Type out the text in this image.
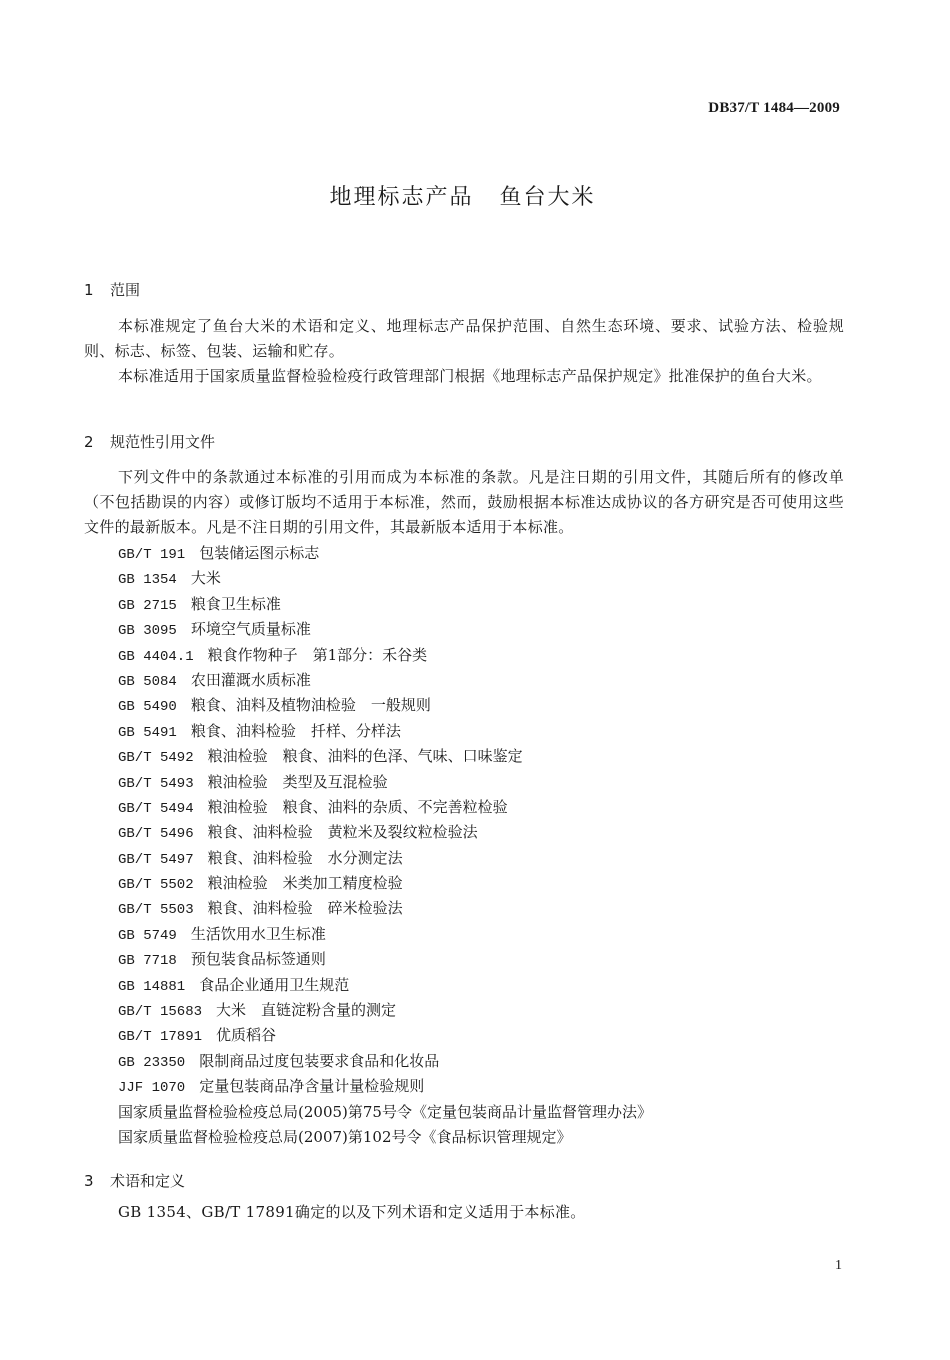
DB37/T 1484—2009
地理标志产品 鱼台大米
1 范围

本标准规定了鱼台大米的术语和定义、地理标志产品保护范围、自然生态环境、要求、试验方法、检验规则、标志、标签、包装、运输和贮存。

本标准适用于国家质量监督检验检疫行政管理部门根据《地理标志产品保护规定》批准保护的鱼台大米。

2 规范性引用文件

下列文件中的条款通过本标准的引用而成为本标准的条款。凡是注日期的引用文件，其随后所有的修改单（不包括勘误的内容）或修订版均不适用于本标准，然而，鼓励根据本标准达成协议的各方研究是否可使用这些文件的最新版本。凡是不注日期的引用文件，其最新版本适用于本标准。

GB/T 191 包装储运图示标志
GB 1354 大米
GB 2715 粮食卫生标准
GB 3095 环境空气质量标准
GB 4404.1 粮食作物种子　第1部分：禾谷类
GB 5084 农田灌溉水质标准
GB 5490 粮食、油料及植物油检验　一般规则
GB 5491 粮食、油料检验　扦样、分样法
GB/T 5492 粮油检验　粮食、油料的色泽、气味、口味鉴定
GB/T 5493 粮油检验　类型及互混检验
GB/T 5494 粮油检验　粮食、油料的杂质、不完善粒检验
GB/T 5496 粮食、油料检验　黄粒米及裂纹粒检验法
GB/T 5497 粮食、油料检验　水分测定法
GB/T 5502 粮油检验　米类加工精度检验
GB/T 5503 粮食、油料检验　碎米检验法
GB 5749 生活饮用水卫生标准
GB 7718 预包装食品标签通则
GB 14881 食品企业通用卫生规范
GB/T 15683 大米　直链淀粉含量的测定
GB/T 17891 优质稻谷
GB 23350 限制商品过度包装要求食品和化妆品
JJF 1070 定量包装商品净含量计量检验规则
国家质量监督检验检疫总局(2005)第75号令《定量包装商品计量监督管理办法》
国家质量监督检验检疫总局(2007)第102号令《食品标识管理规定》
3 术语和定义

GB 1354、GB/T 17891确定的以及下列术语和定义适用于本标准。

1
